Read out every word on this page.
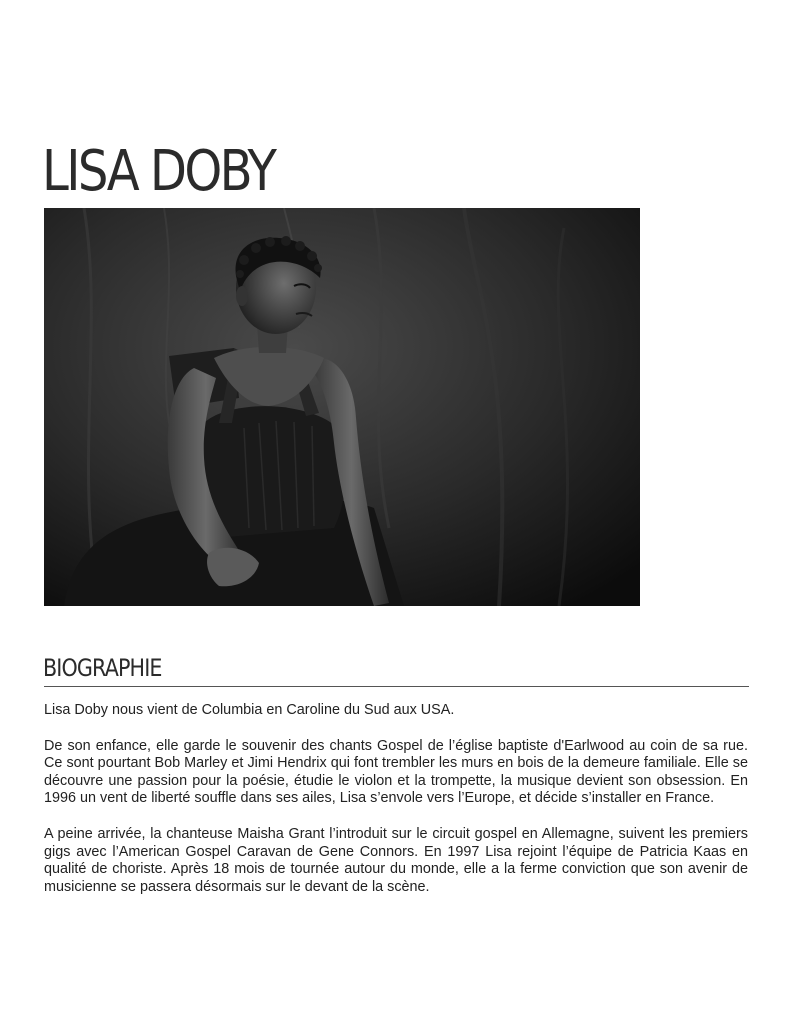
LISA DOBY
BIOGRAPHIE

Lisa Doby nous vient de Columbia en Caroline du Sud aux USA.

De son enfance, elle garde le souvenir des chants Gospel de l’église baptiste d'Earlwood au coin de sa rue. Ce sont pourtant Bob Marley et Jimi Hendrix qui font trembler les murs en bois de la demeure familiale. Elle se découvre une passion pour la poésie, étudie le violon et la trompette, la musique devient son obsession. En 1996 un vent de liberté souffle dans ses ailes, Lisa s’envole vers l’Europe, et décide s’installer en France.

A peine arrivée, la chanteuse Maisha Grant l’introduit sur le circuit gospel en Allemagne, suivent les premiers gigs avec l’American Gospel Caravan de Gene Connors. En 1997 Lisa rejoint l’équipe de Patricia Kaas en qualité de choriste. Après 18 mois de tournée autour du monde, elle a la ferme conviction que son avenir de musicienne se passera désormais sur le devant de la scène.
